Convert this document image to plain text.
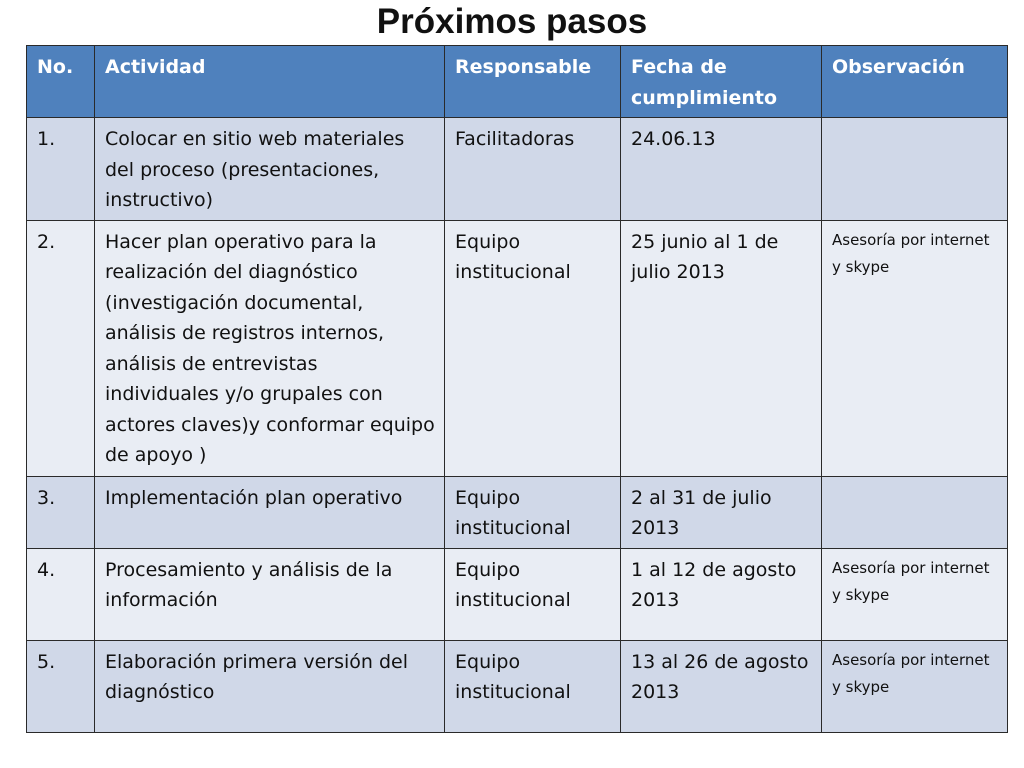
Próximos pasos
No.	Actividad	Responsable	Fecha de cumplimiento	Observación
1.	Colocar en sitio web materiales del proceso (presentaciones, instructivo)	Facilitadoras	24.06.13	
2.	Hacer plan operativo para la realización del diagnóstico (investigación documental, análisis de registros internos, análisis de entrevistas individuales y/o grupales con actores claves)y conformar equipo de apoyo )	Equipo institucional	25 junio al 1 de julio 2013	Asesoría por internet y skype
3.	Implementación plan operativo	Equipo institucional	2 al 31 de julio 2013	
4.	Procesamiento y análisis de la información	Equipo institucional	1 al 12 de agosto 2013	Asesoría por internet y skype
5.	Elaboración primera versión del diagnóstico	Equipo institucional	13 al 26 de agosto 2013	Asesoría por internet y skype
